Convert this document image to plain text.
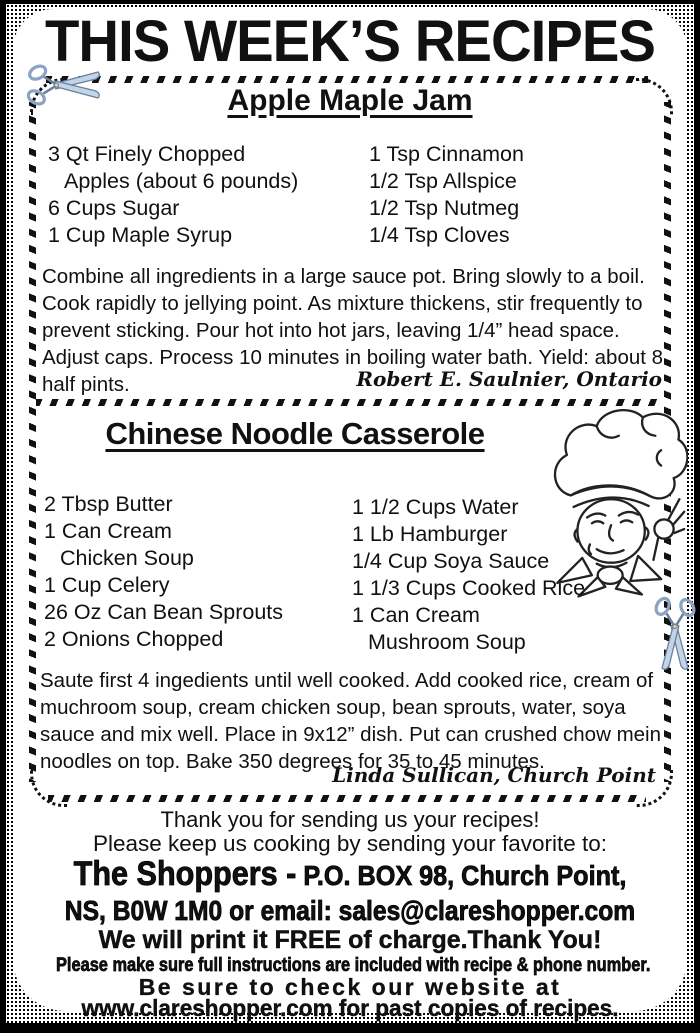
THIS WEEK’S RECIPES
Apple Maple Jam
3 Qt Finely Chopped
Apples (about 6 pounds)
6 Cups Sugar
1 Cup Maple Syrup
1 Tsp Cinnamon
1/2 Tsp Allspice
1/2 Tsp Nutmeg
1/4 Tsp Cloves
Combine all ingredients in a large sauce pot. Bring slowly to a boil. Cook rapidly to jellying point. As mixture thickens, stir frequently to prevent sticking. Pour hot into hot jars, leaving 1/4” head space. Adjust caps. Process 10 minutes in boiling water bath. Yield: about 8 half pints.	Robert E. Saulnier, Ontario
Chinese Noodle Casserole
2 Tbsp Butter
1 Can Cream
Chicken Soup
1 Cup Celery
26 Oz Can Bean Sprouts
2 Onions Chopped
1 1/2 Cups Water
1 Lb Hamburger
1/4 Cup Soya Sauce
1 1/3 Cups Cooked Rice
1 Can Cream
Mushroom Soup
Saute first 4 ingedients until well cooked. Add cooked rice, cream of muchroom soup, cream chicken soup, bean sprouts, water, soya sauce and mix well. Place in 9x12” dish. Put can crushed chow mein noodles on top. Bake 350 degrees for 35 to 45 minutes.
Linda Sullican, Church Point
Thank you for sending us your recipes!
Please keep us cooking by sending your favorite to:
The Shoppers - P.O. BOX 98, Church Point,
NS, B0W 1M0 or email: sales@clareshopper.com
We will print it FREE of charge.Thank You!
Please make sure full instructions are included with recipe & phone number.
Be sure to check our website at
www.clareshopper.com for past copies of recipes.
